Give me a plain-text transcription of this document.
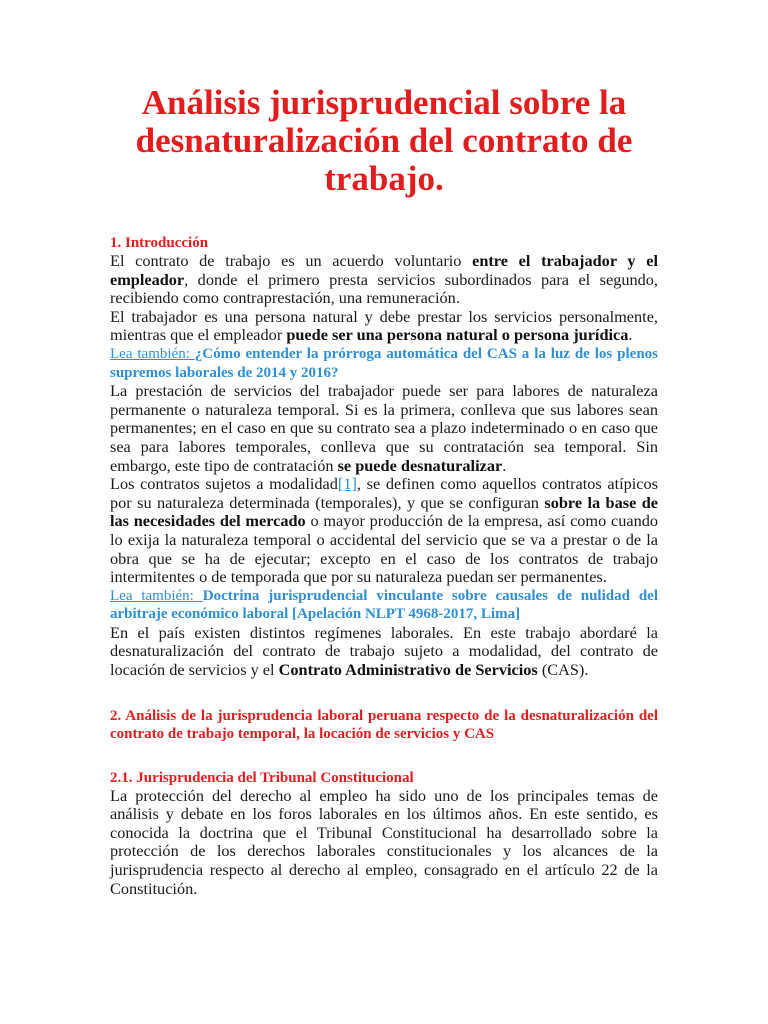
Análisis jurisprudencial sobre la desnaturalización del contrato de trabajo.

1. Introducción

El contrato de trabajo es un acuerdo voluntario entre el trabajador y el empleador, donde el primero presta servicios subordinados para el segundo, recibiendo como contraprestación, una remuneración.

El trabajador es una persona natural y debe prestar los servicios personalmente, mientras que el empleador puede ser una persona natural o persona jurídica.

Lea también: ¿Cómo entender la prórroga automática del CAS a la luz de los plenos supremos laborales de 2014 y 2016?

La prestación de servicios del trabajador puede ser para labores de naturaleza permanente o naturaleza temporal. Si es la primera, conlleva que sus labores sean permanentes; en el caso en que su contrato sea a plazo indeterminado o en caso que sea para labores temporales, conlleva que su contratación sea temporal. Sin embargo, este tipo de contratación se puede desnaturalizar.

Los contratos sujetos a modalidad[1], se definen como aquellos contratos atípicos por su naturaleza determinada (temporales), y que se configuran sobre la base de las necesidades del mercado o mayor producción de la empresa, así como cuando lo exija la naturaleza temporal o accidental del servicio que se va a prestar o de la obra que se ha de ejecutar; excepto en el caso de los contratos de trabajo intermitentes o de temporada que por su naturaleza puedan ser permanentes.

Lea también: Doctrina jurisprudencial vinculante sobre causales de nulidad del arbitraje económico laboral [Apelación NLPT 4968-2017, Lima]

En el país existen distintos regímenes laborales. En este trabajo abordaré la desnaturalización del contrato de trabajo sujeto a modalidad, del contrato de locación de servicios y el Contrato Administrativo de Servicios (CAS).

2. Análisis de la jurisprudencia laboral peruana respecto de la desnaturalización del contrato de trabajo temporal, la locación de servicios y CAS

2.1. Jurisprudencia del Tribunal Constitucional

La protección del derecho al empleo ha sido uno de los principales temas de análisis y debate en los foros laborales en los últimos años. En este sentido, es conocida la doctrina que el Tribunal Constitucional ha desarrollado sobre la protección de los derechos laborales constitucionales y los alcances de la jurisprudencia respecto al derecho al empleo, consagrado en el artículo 22 de la Constitución.
